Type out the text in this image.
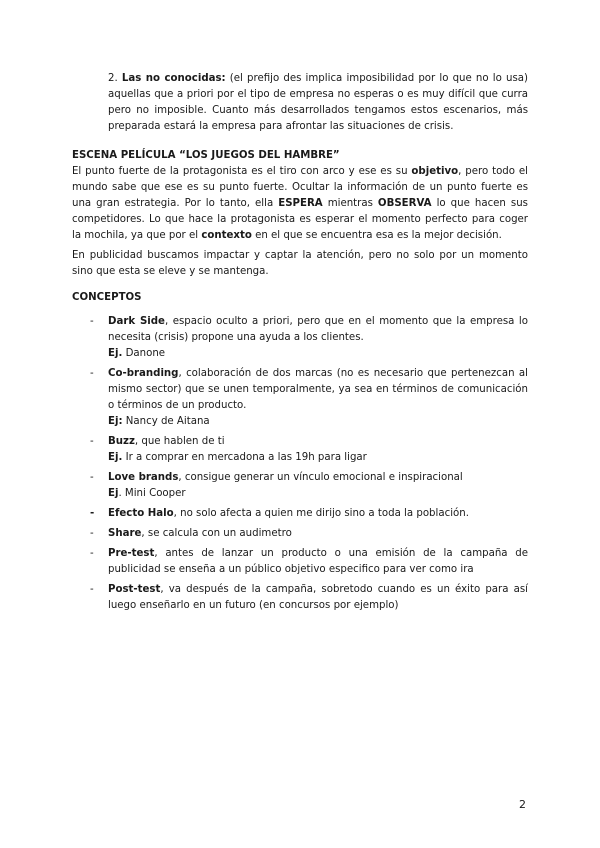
2. Las no conocidas: (el prefijo des implica imposibilidad por lo que no lo usa) aquellas que a priori por el tipo de empresa no esperas o es muy difícil que curra pero no imposible. Cuanto más desarrollados tengamos estos escenarios, más preparada estará la empresa para afrontar las situaciones de crisis.

ESCENA PELÍCULA “LOS JUEGOS DEL HAMBRE”

El punto fuerte de la protagonista es el tiro con arco y ese es su objetivo, pero todo el mundo sabe que ese es su punto fuerte. Ocultar la información de un punto fuerte es una gran estrategia. Por lo tanto, ella ESPERA mientras OBSERVA lo que hacen sus competidores. Lo que hace la protagonista es esperar el momento perfecto para coger la mochila, ya que por el contexto en el que se encuentra esa es la mejor decisión.

En publicidad buscamos impactar y captar la atención, pero no solo por un momento sino que esta se eleve y se mantenga.

CONCEPTOS

- Dark Side, espacio oculto a priori, pero que en el momento que la empresa lo necesita (crisis) propone una ayuda a los clientes.
Ej. Danone
- Co-branding, colaboración de dos marcas (no es necesario que pertenezcan al mismo sector) que se unen temporalmente, ya sea en términos de comunicación o términos de un producto.
Ej: Nancy de Aitana
- Buzz, que hablen de ti
Ej. Ir a comprar en mercadona a las 19h para ligar
- Love brands, consigue generar un vínculo emocional e inspiracional
Ej. Mini Cooper
- Efecto Halo, no solo afecta a quien me dirijo sino a toda la población.
- Share, se calcula con un audimetro
- Pre-test, antes de lanzar un producto o una emisión de la campaña de publicidad se enseña a un público objetivo especifico para ver como ira
- Post-test, va después de la campaña, sobretodo cuando es un éxito para así luego enseñarlo en un futuro (en concursos por ejemplo)

2
